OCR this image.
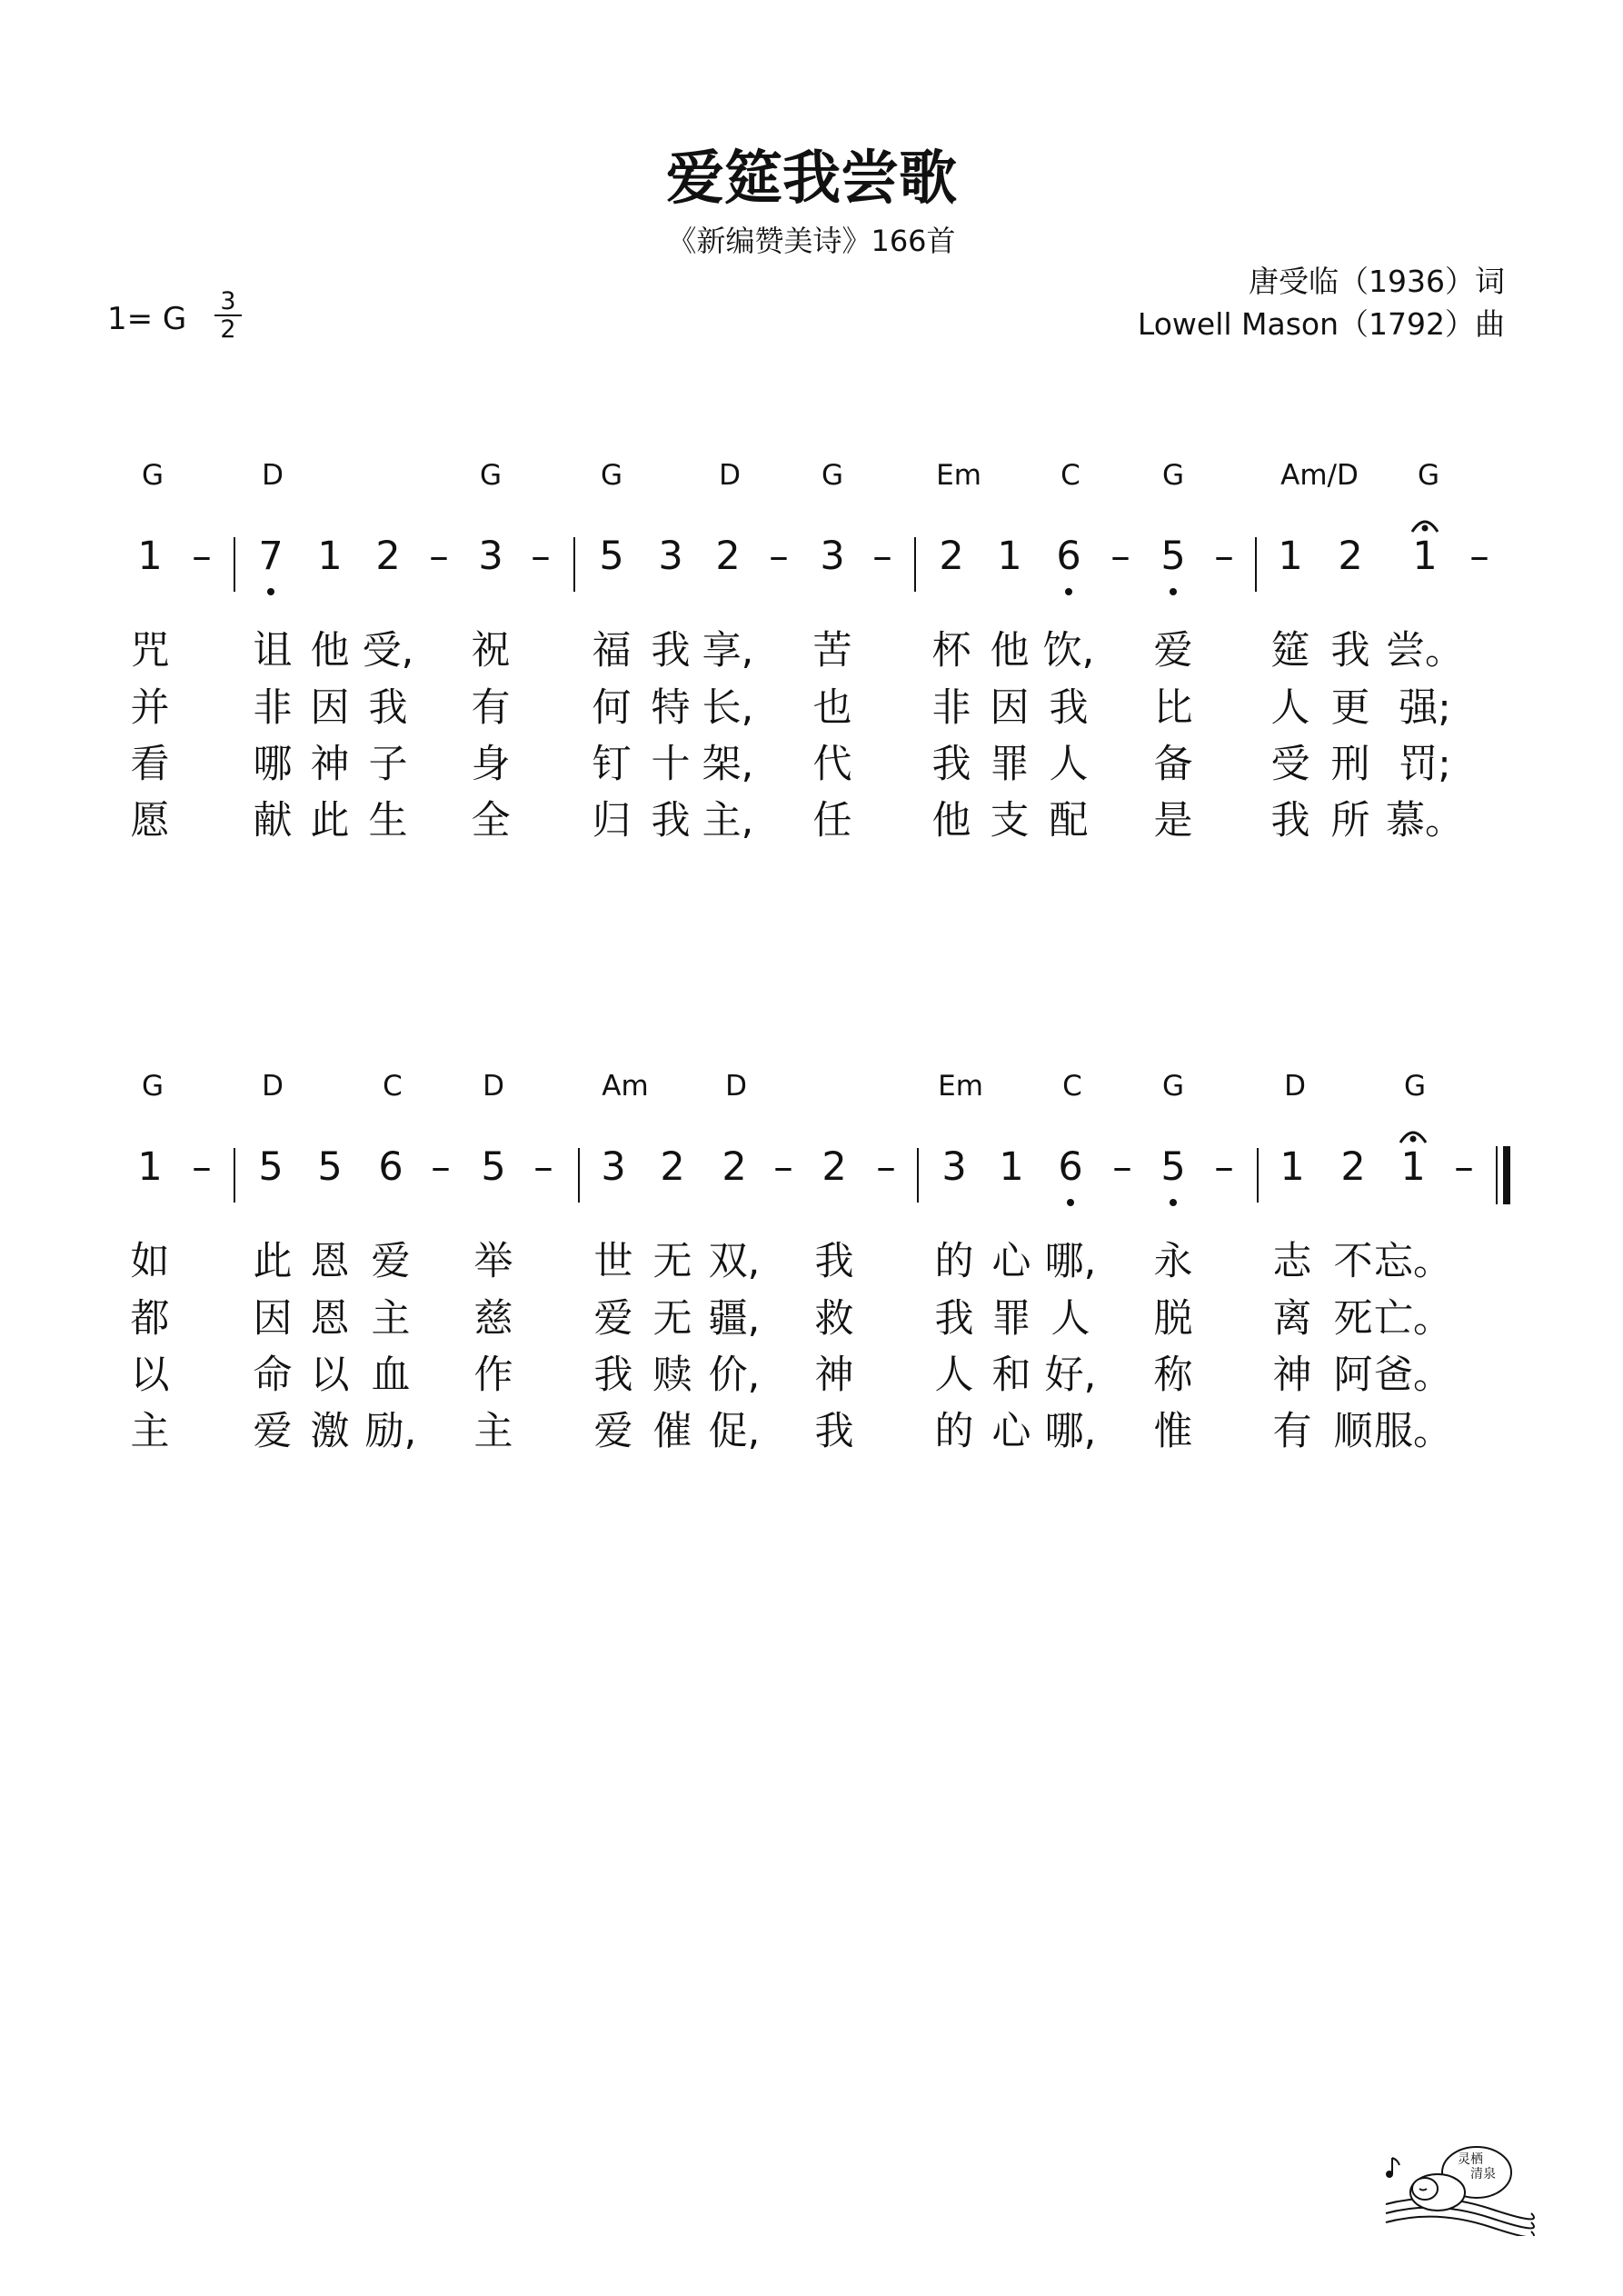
爱筵我尝歌
《新编赞美诗》166首
唐受临（1936）词
Lowell Mason（1792）曲
1= G 3
2
G	D	G	G	D	G	Em	C	G	Am/D G
1 – 7 1 2 – 3 – 5 3 2 – 3 – 2 1 6 – 5 – 1 2 1 –
咒 诅 他 受, 祝 福 我 享, 苦 杯 他 饮, 爱 筵 我 尝。
并 非 因 我 有 何 特 长, 也 非 因 我 比 人 更 强;
看 哪 神 子 身 钉 十 架, 代 我 罪 人 备 受 刑 罚;
愿 献 此 生 全 归 我 主, 任 他 支 配 是 我 所 慕。
G	D	C	D	Am	D	Em	C	G	D	G
1 – 5 5 6 – 5 – 3 2 2 – 2 – 3 1 6 – 5 – 1 2 1 –
如 此 恩 爱 举 世 无 双, 我 的 心 哪, 永 志 不 忘。
都 因 恩 主 慈 爱 无 疆, 救 我 罪 人 脱 离 死 亡。
以 命 以 血 作 我 赎 价, 神 人 和 好, 称 神 阿 爸。
主 爱 激 励, 主 爱 催 促, 我 的 心 哪, 惟 有 顺 服。
灵栖
清泉
